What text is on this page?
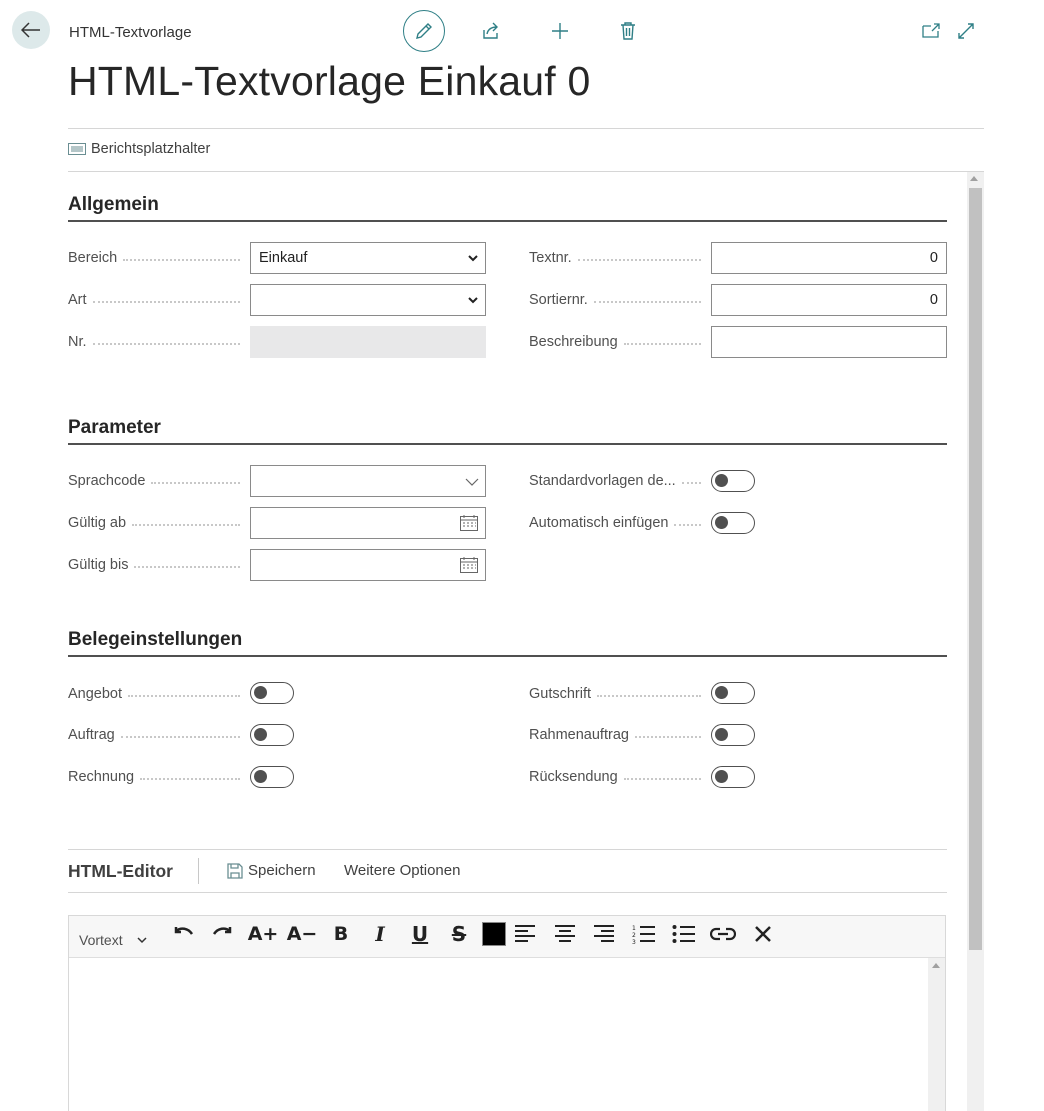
HTML-Textvorlage
HTML-Textvorlage Einkauf 0
Berichtsplatzhalter
Allgemein
Bereich	Einkauf
Art
Nr.
Textnr.	0
Sortiernr.	0
Beschreibung
Parameter
Sprachcode
Gültig ab
Gültig bis
Standardvorlagen de...
Automatisch einfügen
Belegeinstellungen
Angebot
Auftrag
Rechnung
Gutschrift
Rahmenauftrag
Rücksendung
HTML-Editor	Speichern Weitere Optionen
Vortext	A+ A− B I U S	1
2
3
